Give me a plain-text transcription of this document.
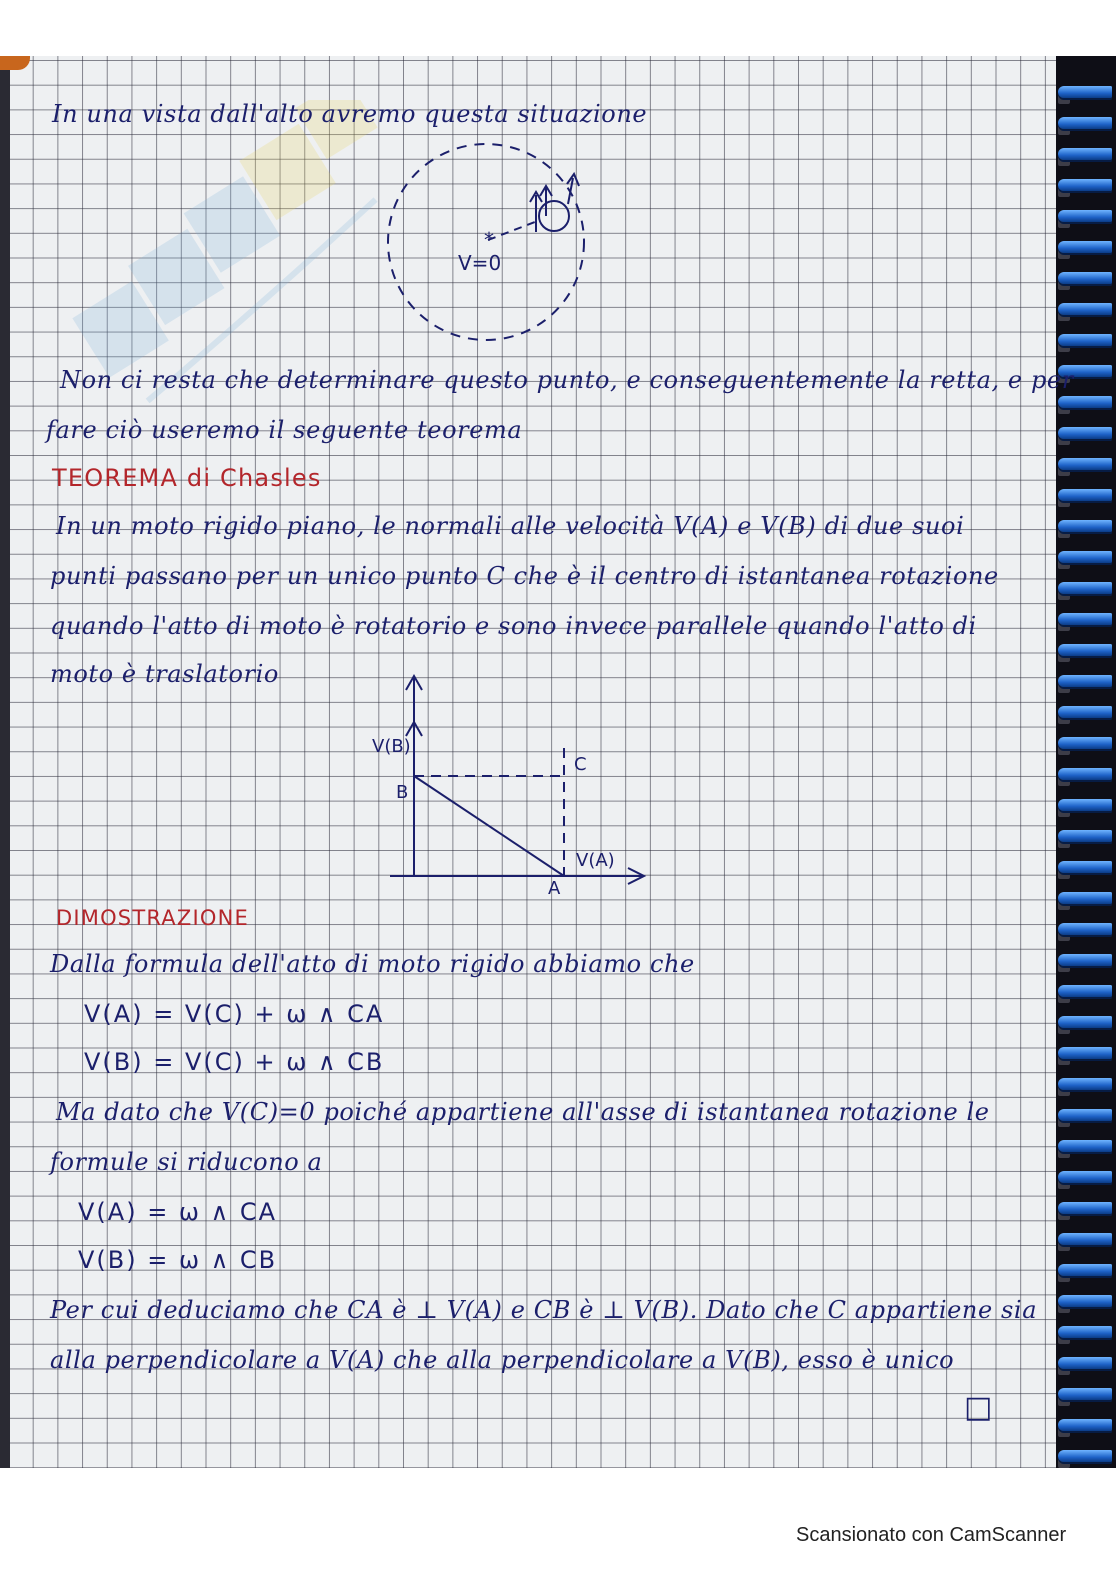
In una vista dall'alto avremo questa situazione
*
V=0
Non ci resta che determinare questo punto, e conseguentemente la retta, e per
fare ciò useremo il seguente teorema
TEOREMA di Chasles
In un moto rigido piano, le normali alle velocità V(A) e V(B) di due suoi
punti passano per un unico punto C che è il centro di istantanea rotazione
quando l'atto di moto è rotatorio e sono invece parallele quando l'atto di
moto è traslatorio
V(B)
B
C
V(A)
A
DIMOSTRAZIONE
Dalla formula dell'atto di moto rigido abbiamo che
V(A) = V(C) + ω ∧ CA
V(B) = V(C) + ω ∧ CB
Ma dato che V(C)=0 poiché appartiene all'asse di istantanea rotazione le
formule si riducono a
V(A) = ω ∧ CA
V(B) = ω ∧ CB
Per cui deduciamo che CA è ⊥ V(A) e CB è ⊥ V(B). Dato che C appartiene sia
alla perpendicolare a V(A) che alla perpendicolare a V(B), esso è unico
□
Scansionato con CamScanner
